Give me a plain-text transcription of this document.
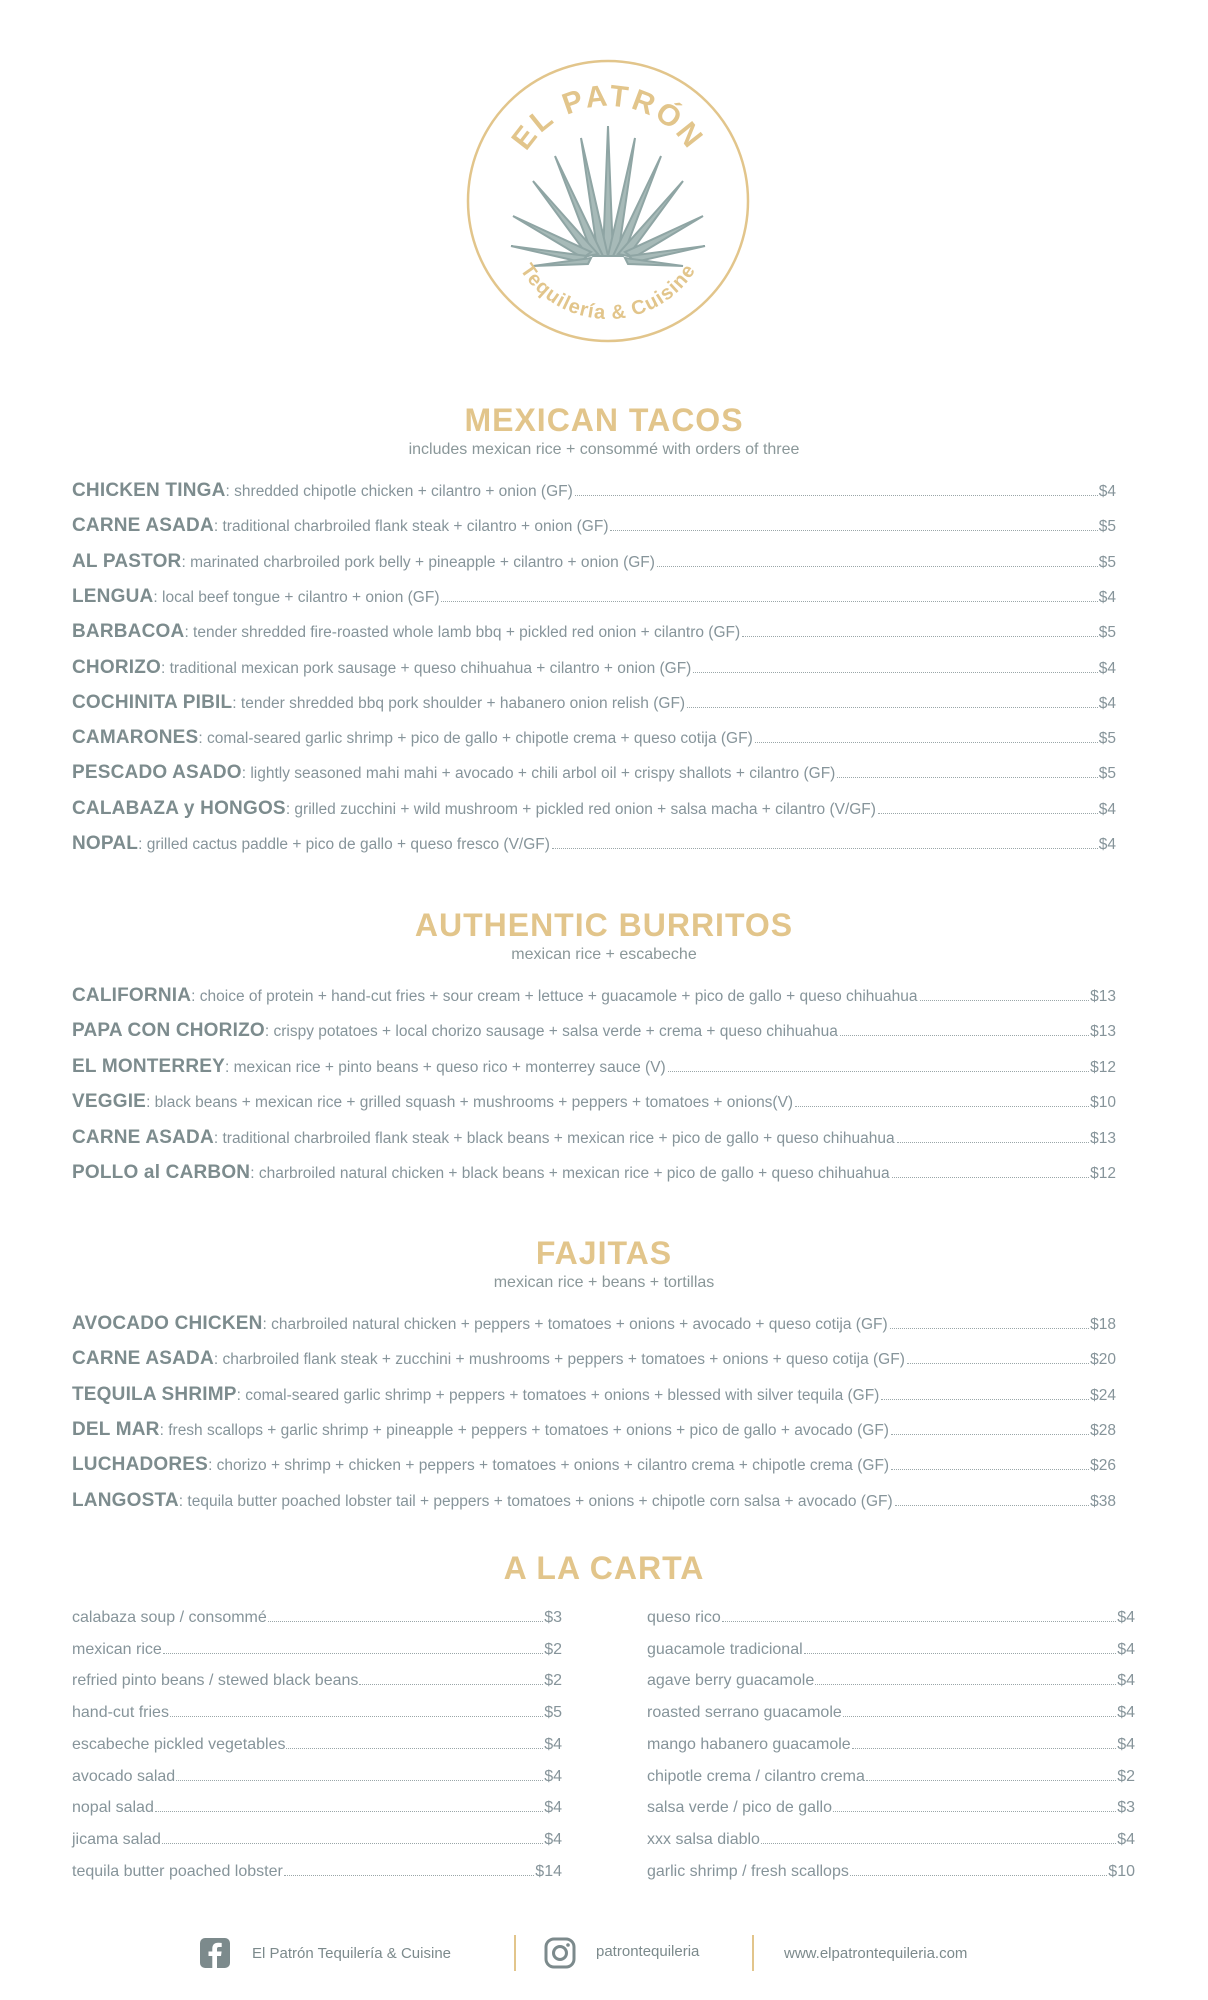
EL PATRÓN
Tequilería & Cuisine
MEXICAN TACOS

includes mexican rice + consommé with orders of three

CHICKEN TINGA : shredded chipotle chicken + cilantro + onion (GF)	$4
CARNE ASADA : traditional charbroiled flank steak + cilantro + onion (GF)	$5
AL PASTOR : marinated charbroiled pork belly + pineapple + cilantro + onion (GF)	$5
LENGUA : local beef tongue + cilantro + onion (GF)	$4
BARBACOA : tender shredded fire-roasted whole lamb bbq + pickled red onion + cilantro (GF)	$5
CHORIZO : traditional mexican pork sausage + queso chihuahua + cilantro + onion (GF)	$4
COCHINITA PIBIL : tender shredded bbq pork shoulder + habanero onion relish (GF)	$4
CAMARONES : comal-seared garlic shrimp + pico de gallo + chipotle crema + queso cotija (GF)	$5
PESCADO ASADO : lightly seasoned mahi mahi + avocado + chili arbol oil + crispy shallots + cilantro (GF)	$5
CALABAZA y HONGOS : grilled zucchini + wild mushroom + pickled red onion + salsa macha + cilantro (V/GF)	$4
NOPAL : grilled cactus paddle + pico de gallo + queso fresco (V/GF)	$4
AUTHENTIC BURRITOS

mexican rice + escabeche

CALIFORNIA : choice of protein + hand-cut fries + sour cream + lettuce + guacamole + pico de gallo + queso chihuahua	$13
PAPA CON CHORIZO : crispy potatoes + local chorizo sausage + salsa verde + crema + queso chihuahua	$13
EL MONTERREY : mexican rice + pinto beans + queso rico + monterrey sauce (V)	$12
VEGGIE : black beans + mexican rice + grilled squash + mushrooms + peppers + tomatoes + onions(V)	$10
CARNE ASADA : traditional charbroiled flank steak + black beans + mexican rice + pico de gallo + queso chihuahua	$13
POLLO al CARBON : charbroiled natural chicken + black beans + mexican rice + pico de gallo + queso chihuahua	$12
FAJITAS

mexican rice + beans + tortillas

AVOCADO CHICKEN : charbroiled natural chicken + peppers + tomatoes + onions + avocado + queso cotija (GF)	$18
CARNE ASADA : charbroiled flank steak + zucchini + mushrooms + peppers + tomatoes + onions + queso cotija (GF)	$20
TEQUILA SHRIMP : comal-seared garlic shrimp + peppers + tomatoes + onions + blessed with silver tequila (GF)	$24
DEL MAR : fresh scallops + garlic shrimp + pineapple + peppers + tomatoes + onions + pico de gallo + avocado (GF)	$28
LUCHADORES : chorizo + shrimp + chicken + peppers + tomatoes + onions + cilantro crema + chipotle crema (GF)	$26
LANGOSTA : tequila butter poached lobster tail + peppers + tomatoes + onions + chipotle corn salsa + avocado (GF)	$38
A LA CARTA
calabaza soup / consommé	$3
mexican rice	$2
refried pinto beans / stewed black beans	$2
hand-cut fries	$5
escabeche pickled vegetables	$4
avocado salad	$4
nopal salad	$4
jicama salad	$4
tequila butter poached lobster	$14
queso rico	$4
guacamole tradicional	$4
agave berry guacamole	$4
roasted serrano guacamole	$4
mango habanero guacamole	$4
chipotle crema / cilantro crema	$2
salsa verde / pico de gallo	$3
xxx salsa diablo	$4
garlic shrimp / fresh scallops	$10
El Patrón Tequilería & Cuisine	patrontequileria	www.elpatrontequileria.com
